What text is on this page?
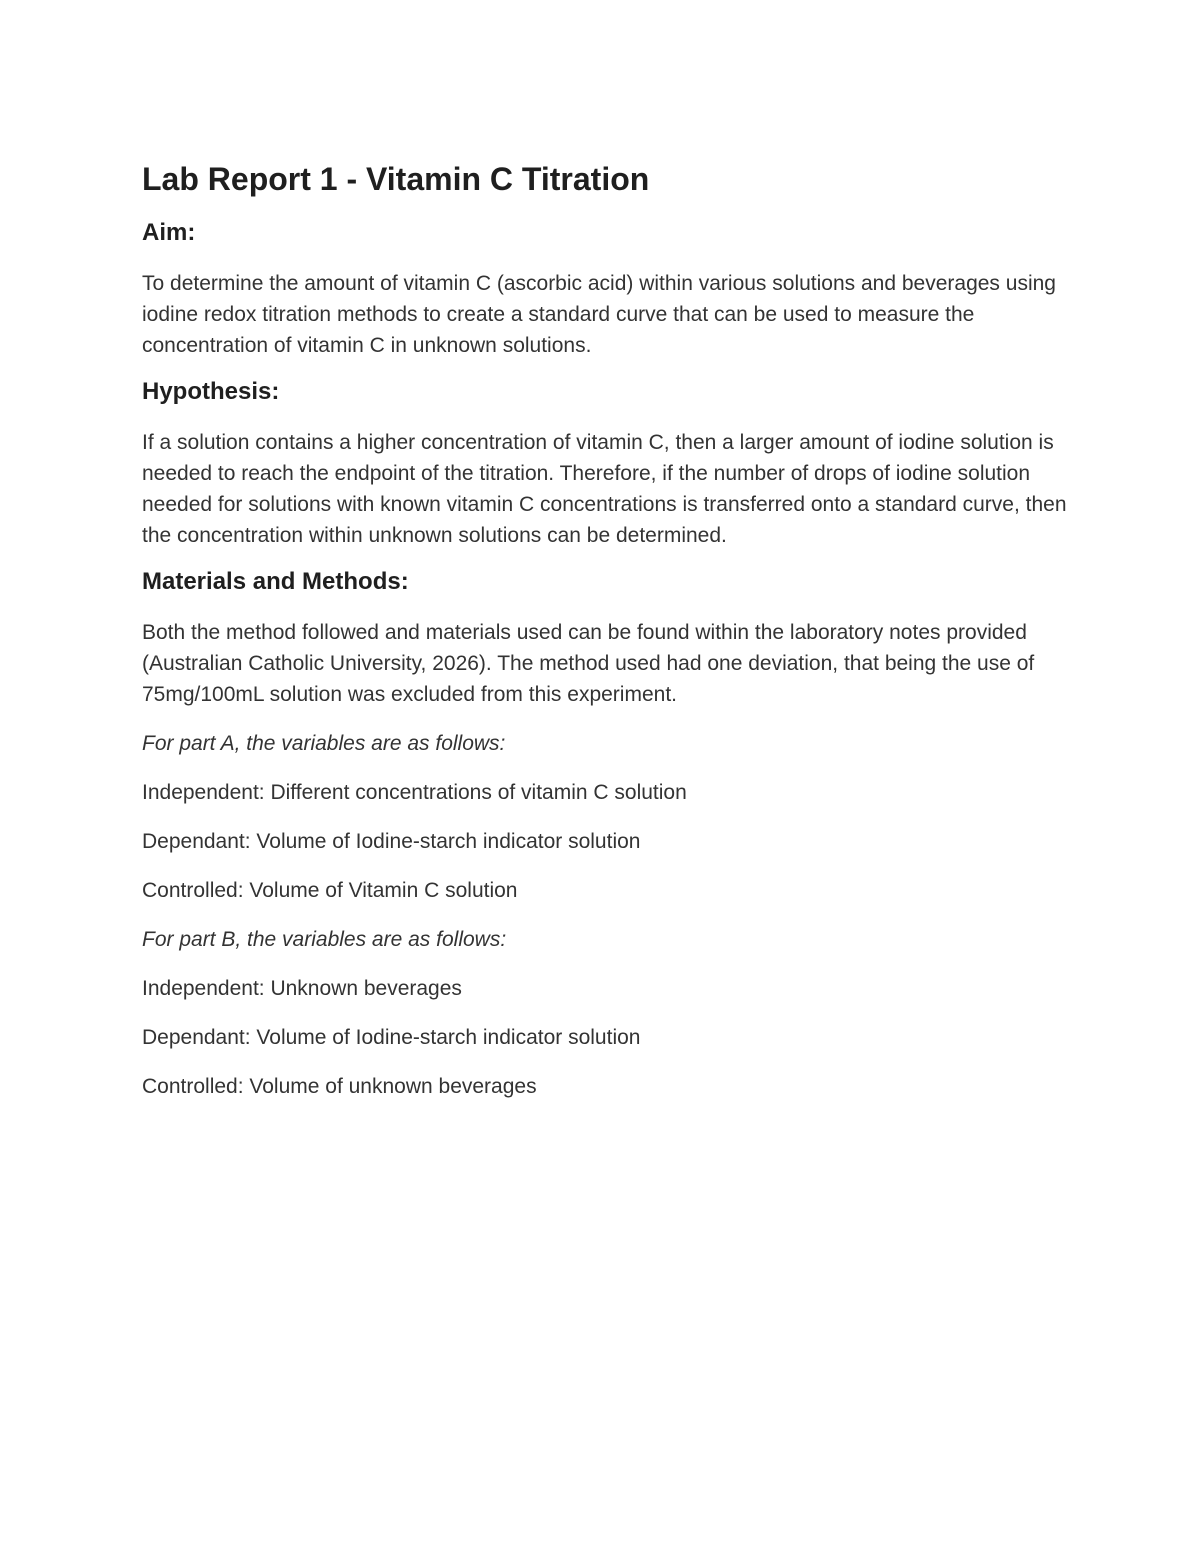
Lab Report 1 - Vitamin C Titration
Aim:

To determine the amount of vitamin C (ascorbic acid) within various solutions and beverages using iodine redox titration methods to create a standard curve that can be used to measure the concentration of vitamin C in unknown solutions.

Hypothesis:

If a solution contains a higher concentration of vitamin C, then a larger amount of iodine solution is needed to reach the endpoint of the titration. Therefore, if the number of drops of iodine solution needed for solutions with known vitamin C concentrations is transferred onto a standard curve, then the concentration within unknown solutions can be determined.

Materials and Methods:

Both the method followed and materials used can be found within the laboratory notes provided (Australian Catholic University, 2026). The method used had one deviation, that being the use of 75mg/100mL solution was excluded from this experiment.

For part A, the variables are as follows:

Independent: Different concentrations of vitamin C solution

Dependant: Volume of Iodine-starch indicator solution

Controlled: Volume of Vitamin C solution

For part B, the variables are as follows:

Independent: Unknown beverages

Dependant: Volume of Iodine-starch indicator solution

Controlled: Volume of unknown beverages
